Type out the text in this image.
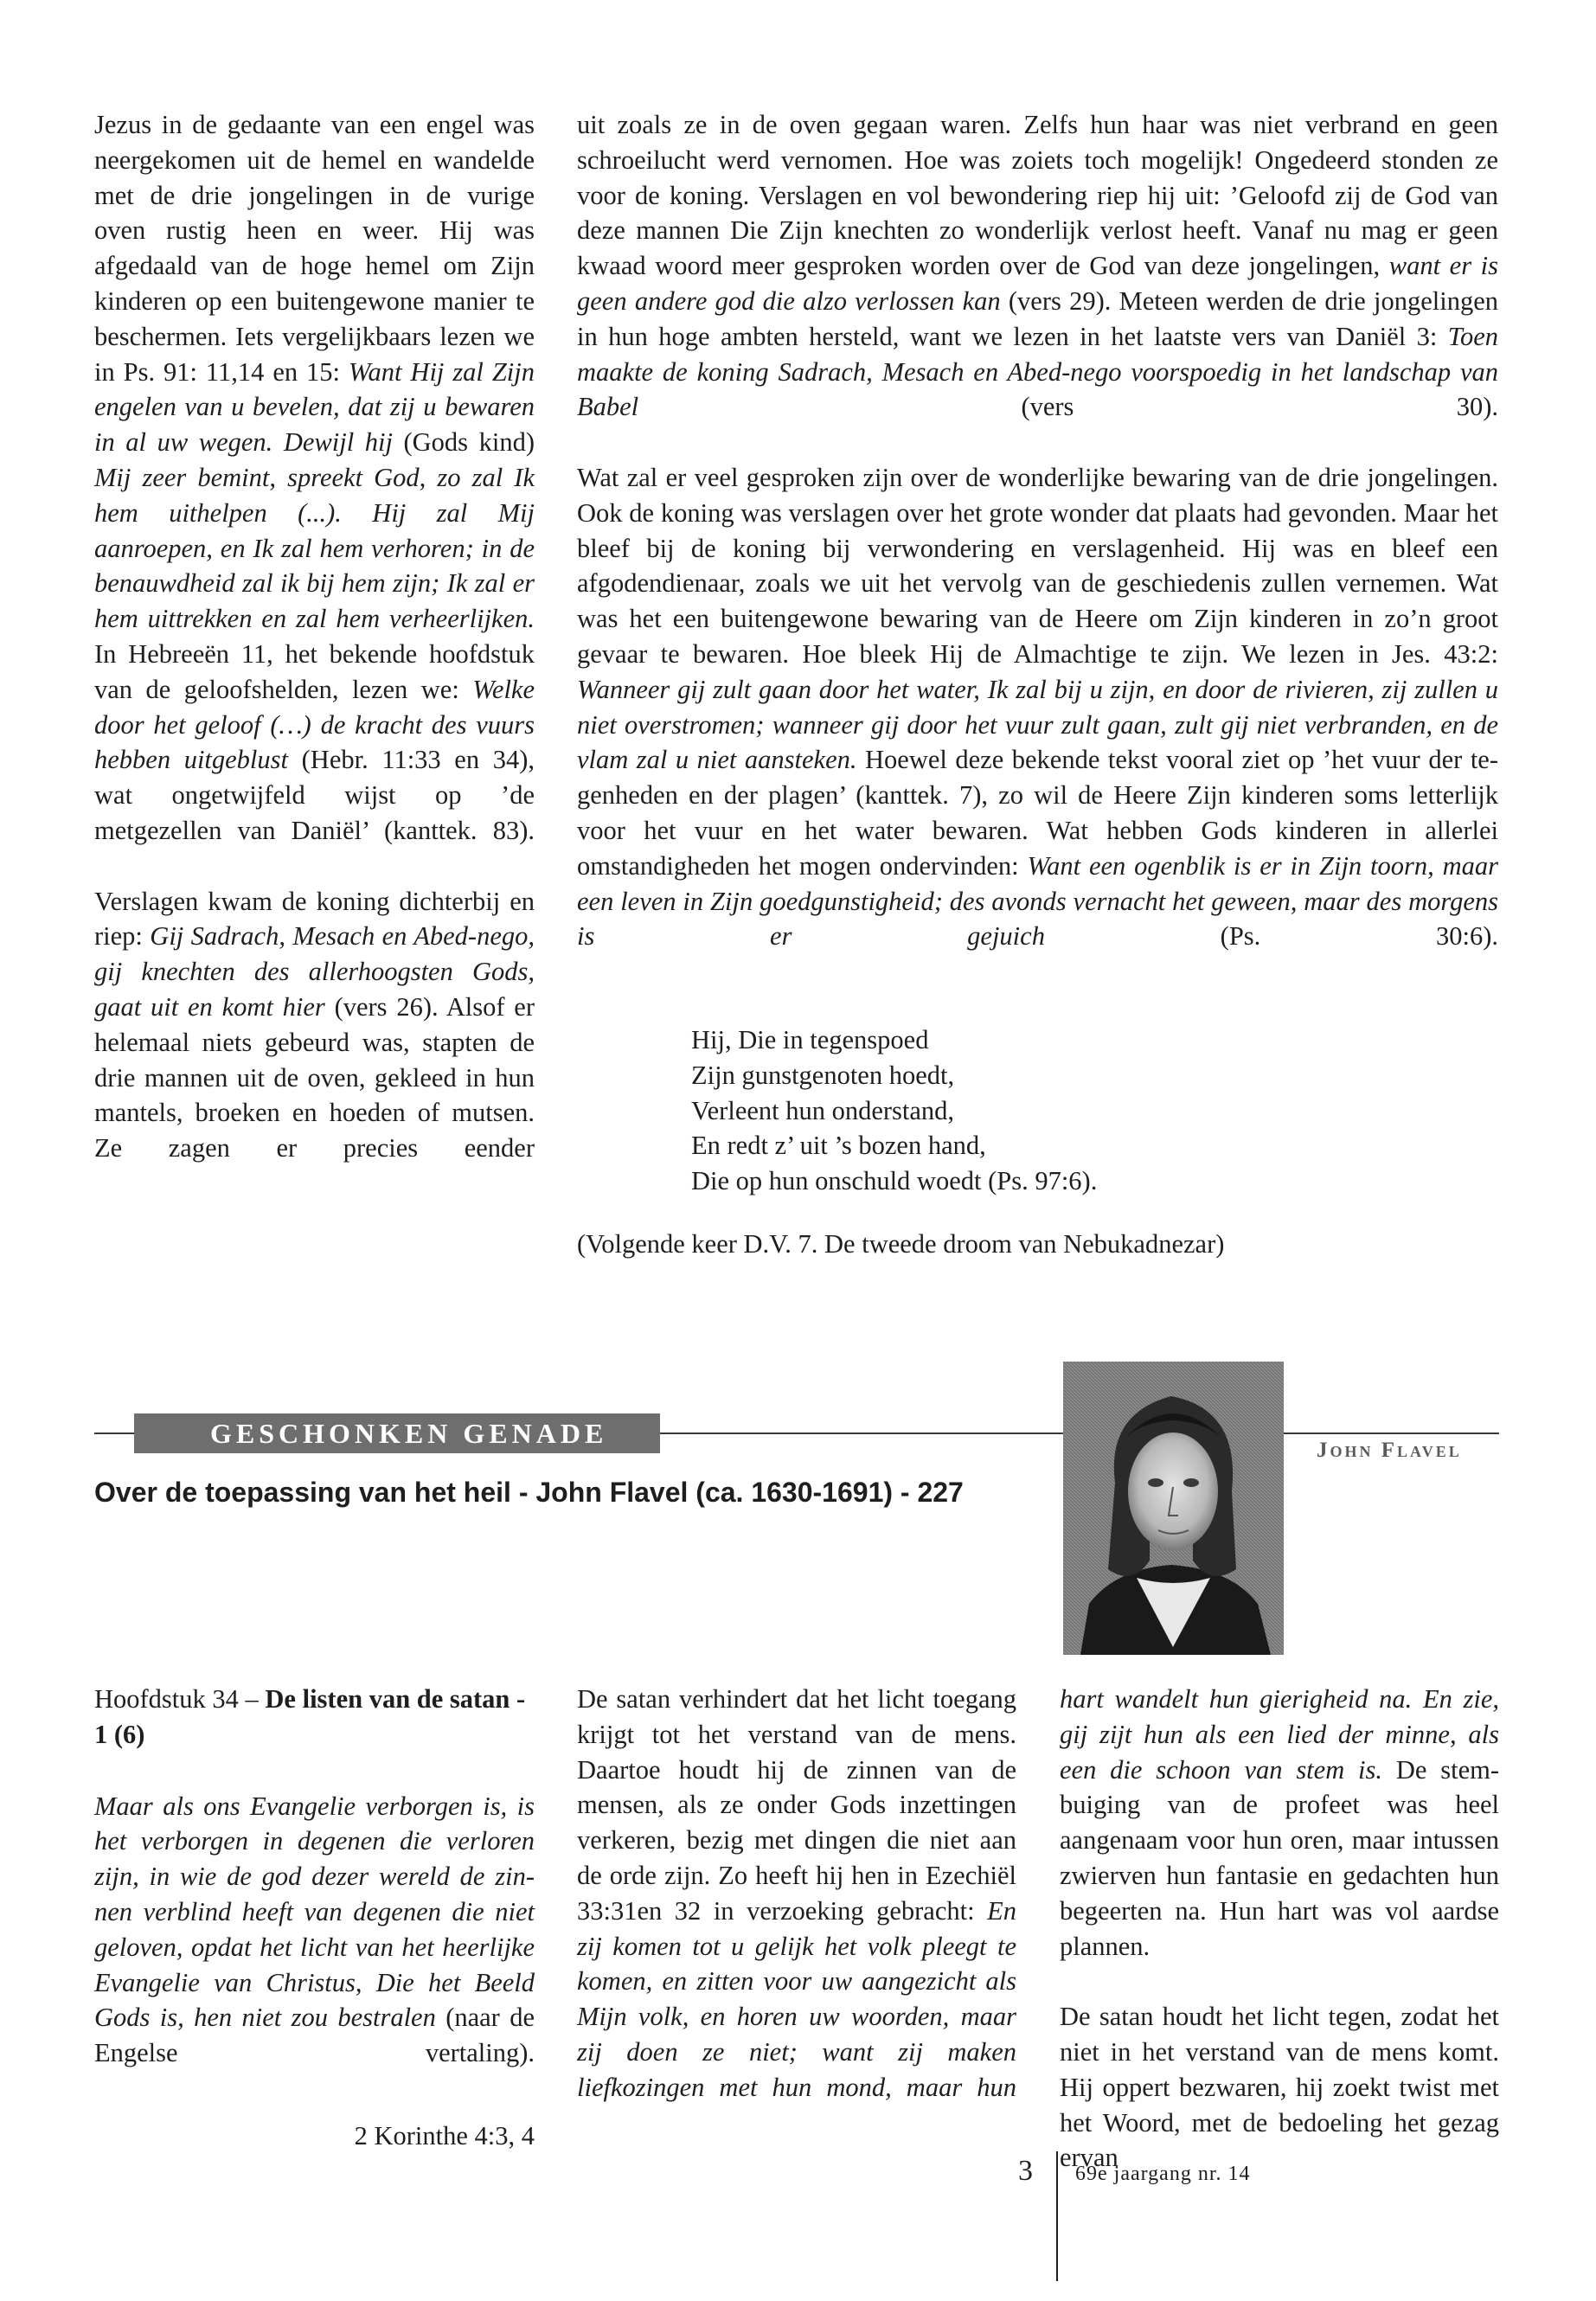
Jezus in de gedaante van een engel was neergekomen uit de hemel en wandelde met de drie jongelingen in de vurige oven rustig heen en weer. Hij was afgedaald van de hoge hemel om Zijn kinderen op een buitengewone manier te beschermen. Iets vergelijkbaars lezen we in Ps. 91: 11,14 en 15: Want Hij zal Zijn engelen van u bevelen, dat zij u bewaren in al uw wegen. Dewijl hij (Gods kind) Mij zeer bemint, spreekt God, zo zal Ik hem uithelpen (...). Hij zal Mij aanroepen, en Ik zal hem verhoren; in de benauwdheid zal ik bij hem zijn; Ik zal er hem uittrekken en zal hem verheerlijken. In Hebreeën 11, het bekende hoofdstuk van de geloofshelden, lezen we: Welke door het geloof (…) de kracht des vuurs hebben uitgeblust (Hebr. 11:33 en 34), wat ongetwijfeld wijst op ’de metgezellen van Daniël’ (kanttek. 83).

Verslagen kwam de koning dichterbij en riep: Gij Sadrach, Mesach en Abed-nego, gij knechten des allerhoogsten Gods, gaat uit en komt hier (vers 26). Alsof er helemaal niets gebeurd was, stapten de drie mannen uit de oven, gekleed in hun mantels, broeken en hoeden of mutsen. Ze zagen er precies eender

uit zoals ze in de oven gegaan waren. Zelfs hun haar was niet verbrand en geen schroeilucht werd vernomen. Hoe was zoiets toch mogelijk! Ongedeerd stonden ze voor de koning. Verslagen en vol bewondering riep hij uit: ’Geloofd zij de God van deze mannen Die Zijn knechten zo wonderlijk verlost heeft. Vanaf nu mag er geen kwaad woord meer gesproken worden over de God van deze jongelingen, want er is geen andere god die alzo verlossen kan (vers 29). Meteen werden de drie jongelingen in hun hoge ambten hersteld, want we lezen in het laatste vers van Daniël 3: Toen maakte de koning Sadrach, Mesach en Abed-nego voorspoedig in het landschap van Babel (vers 30).

Wat zal er veel gesproken zijn over de wonderlijke bewaring van de drie jongelingen. Ook de koning was verslagen over het grote wonder dat plaats had gevonden. Maar het bleef bij de koning bij verwondering en verslagenheid. Hij was en bleef een afgodendienaar, zoals we uit het vervolg van de geschiedenis zullen vernemen. Wat was het een buitengewone bewaring van de Heere om Zijn kinderen in zo’n groot gevaar te bewaren. Hoe bleek Hij de Almachtige te zijn. We lezen in Jes. 43:2: Wanneer gij zult gaan door het water, Ik zal bij u zijn, en door de rivieren, zij zullen u niet overstromen; wanneer gij door het vuur zult gaan, zult gij niet verbranden, en de vlam zal u niet aansteken. Hoewel deze bekende tekst vooral ziet op ’het vuur der tegenheden en der plagen’ (kanttek. 7), zo wil de Heere Zijn kinderen soms letterlijk voor het vuur en het water bewaren. Wat hebben Gods kinderen in allerlei omstandigheden het mogen ondervinden: Want een ogenblik is er in Zijn toorn, maar een leven in Zijn goedgunstigheid; des avonds vernacht het geween, maar des morgens is er gejuich (Ps. 30:6).

Hij, Die in tegenspoed

Zijn gunstgenoten hoedt,

Verleent hun onderstand,

En redt z’ uit ’s bozen hand,

Die op hun onschuld woedt (Ps. 97:6).

(Volgende keer D.V. 7. De tweede droom van Nebukadnezar)
GESCHONKEN GENADE
Over de toepassing van het heil - John Flavel (ca. 1630-1691) - 227
John Flavel

Hoofdstuk 34 – De listen van de satan - 1 (6)

Maar als ons Evangelie verborgen is, is het verborgen in degenen die verloren zijn, in wie de god dezer wereld de zinnen verblind heeft van degenen die niet geloven, opdat het licht van het heerlijke Evangelie van Christus, Die het Beeld Gods is, hen niet zou bestralen (naar de Engelse vertaling).

2 Korinthe 4:3, 4

De satan verhindert dat het licht toegang krijgt tot het verstand van de mens. Daartoe houdt hij de zinnen van de mensen, als ze onder Gods inzettingen verkeren, bezig met dingen die niet aan de orde zijn. Zo heeft hij hen in Ezechiël 33:31en 32 in verzoeking gebracht: En zij komen tot u gelijk het volk pleegt te komen, en zitten voor uw aangezicht als Mijn volk, en horen uw woorden, maar zij doen ze niet; want zij maken liefkozingen met hun mond, maar hun

hart wandelt hun gierigheid na. En zie, gij zijt hun als een lied der minne, als een die schoon van stem is. De stembuiging van de profeet was heel aangenaam voor hun oren, maar intussen zwierven hun fantasie en gedachten hun begeerten na. Hun hart was vol aardse plannen.

De satan houdt het licht tegen, zodat het niet in het verstand van de mens komt. Hij oppert bezwaren, hij zoekt twist met het Woord, met de bedoeling het gezag ervan

3 69e jaargang nr. 14
